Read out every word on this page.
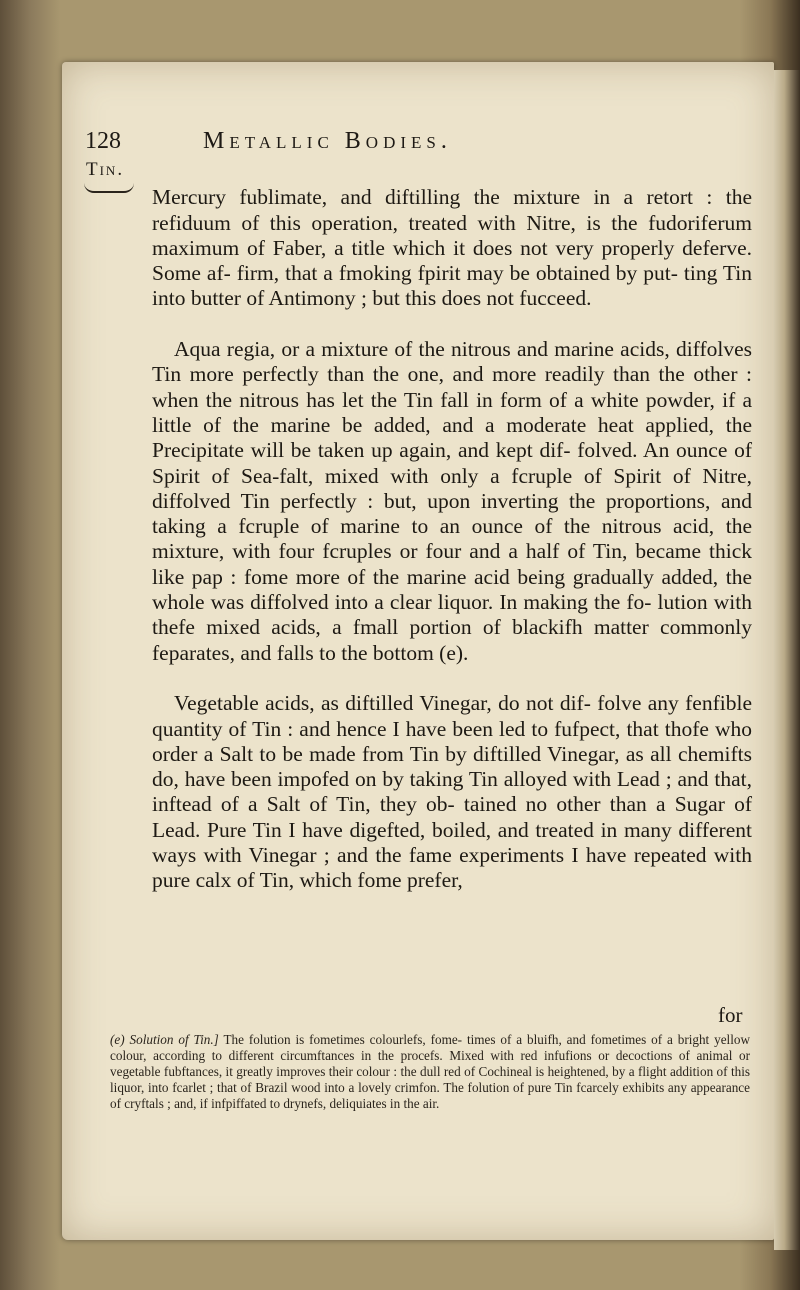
128	Metallic Bodies.
Tin.

Mercury fublimate, and diftilling the mixture in a retort : the refiduum of this operation, treated with Nitre, is the fudoriferum maximum of Faber, a title which it does not very properly deferve. Some af- firm, that a fmoking fpirit may be obtained by put- ting Tin into butter of Antimony ; but this does not fucceed.

Aqua regia, or a mixture of the nitrous and marine acids, diffolves Tin more perfectly than the one, and more readily than the other : when the nitrous has let the Tin fall in form of a white powder, if a little of the marine be added, and a moderate heat applied, the Precipitate will be taken up again, and kept dif- folved. An ounce of Spirit of Sea-falt, mixed with only a fcruple of Spirit of Nitre, diffolved Tin perfectly : but, upon inverting the proportions, and taking a fcruple of marine to an ounce of the nitrous acid, the mixture, with four fcruples or four and a half of Tin, became thick like pap : fome more of the marine acid being gradually added, the whole was diffolved into a clear liquor. In making the fo- lution with thefe mixed acids, a fmall portion of blackifh matter commonly feparates, and falls to the bottom (e).

Vegetable acids, as diftilled Vinegar, do not dif- folve any fenfible quantity of Tin : and hence I have been led to fufpect, that thofe who order a Salt to be made from Tin by diftilled Vinegar, as all chemifts do, have been impofed on by taking Tin alloyed with Lead ; and that, inftead of a Salt of Tin, they ob- tained no other than a Sugar of Lead. Pure Tin I have digefted, boiled, and treated in many different ways with Vinegar ; and the fame experiments I have repeated with pure calx of Tin, which fome prefer,

for
(e) Solution of Tin.] The folution is fometimes colourlefs, fome- times of a bluifh, and fometimes of a bright yellow colour, according to different circumftances in the procefs. Mixed with red infufions or decoctions of animal or vegetable fubftances, it greatly improves their colour : the dull red of Cochineal is heightened, by a flight addition of this liquor, into fcarlet ; that of Brazil wood into a lovely crimfon. The folution of pure Tin fcarcely exhibits any appearance of cryftals ; and, if infpiffated to drynefs, deliquiates in the air.
